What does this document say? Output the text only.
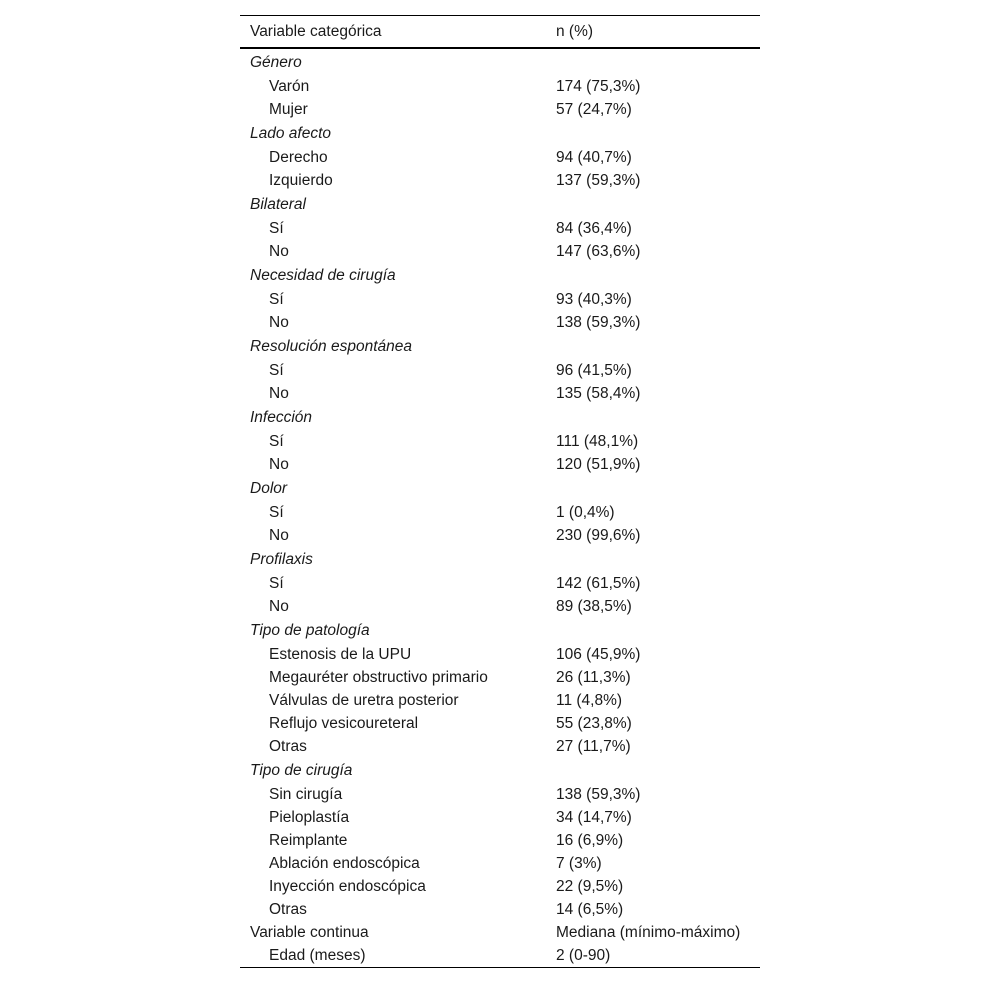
Variable categórica	n (%)
Género	
Varón	174 (75,3%)
Mujer	57 (24,7%)
Lado afecto	
Derecho	94 (40,7%)
Izquierdo	137 (59,3%)
Bilateral	
Sí	84 (36,4%)
No	147 (63,6%)
Necesidad de cirugía	
Sí	93 (40,3%)
No	138 (59,3%)
Resolución espontánea	
Sí	96 (41,5%)
No	135 (58,4%)
Infección	
Sí	111 (48,1%)
No	120 (51,9%)
Dolor	
Sí	1 (0,4%)
No	230 (99,6%)
Profilaxis	
Sí	142 (61,5%)
No	89 (38,5%)
Tipo de patología	
Estenosis de la UPU	106 (45,9%)
Megauréter obstructivo primario	26 (11,3%)
Válvulas de uretra posterior	11 (4,8%)
Reflujo vesicoureteral	55 (23,8%)
Otras	27 (11,7%)
Tipo de cirugía	
Sin cirugía	138 (59,3%)
Pieloplastía	34 (14,7%)
Reimplante	16 (6,9%)
Ablación endoscópica	7 (3%)
Inyección endoscópica	22 (9,5%)
Otras	14 (6,5%)
Variable continua	Mediana (mínimo-máximo)
Edad (meses)	2 (0-90)
